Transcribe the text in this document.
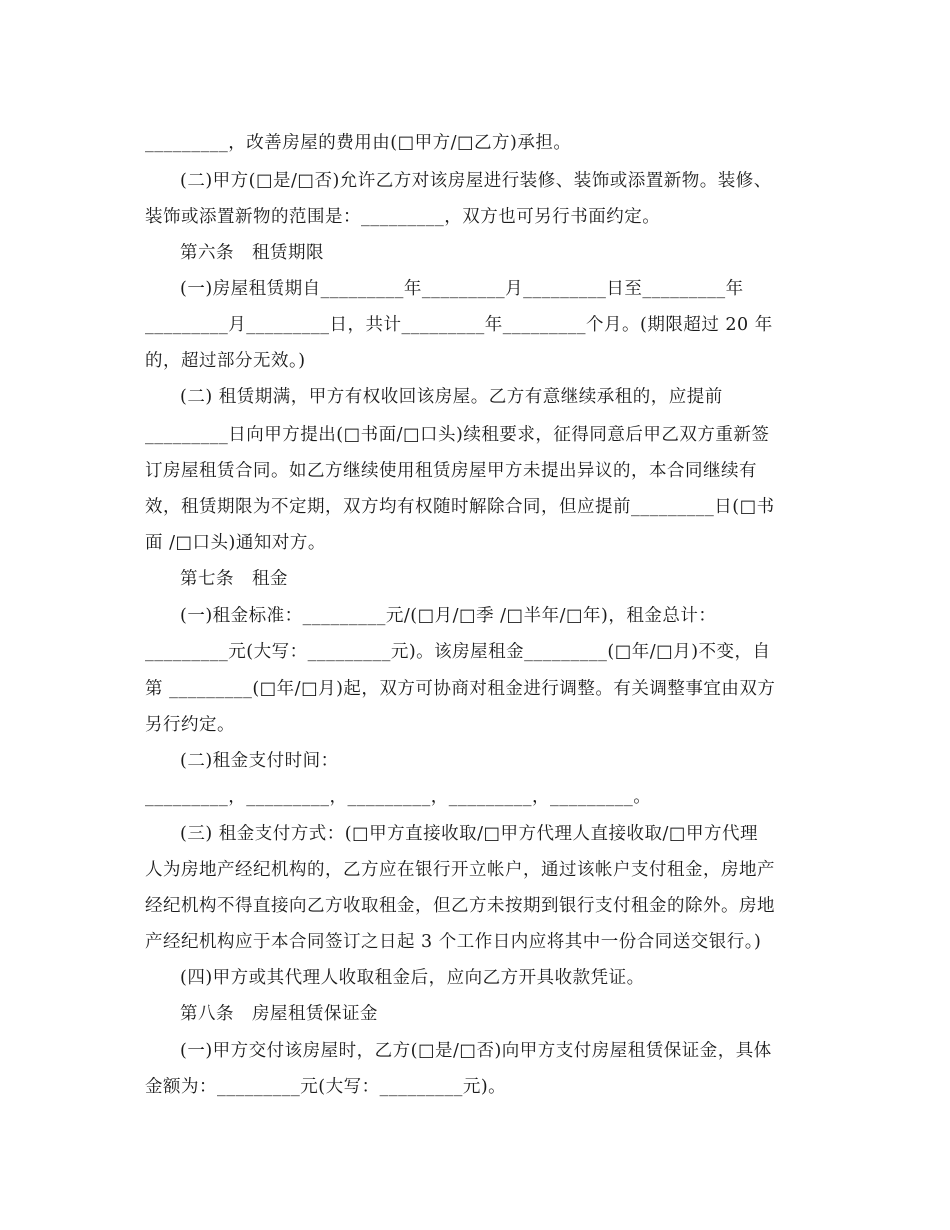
_________，改善房屋的费用由(□甲方/□乙方)承担。
(二)甲方(□是/□否)允许乙方对该房屋进行装修、装饰或添置新物。装修、
装饰或添置新物的范围是：_________，双方也可另行书面约定。
第六条　租赁期限
(一)房屋租赁期自_________年_________月_________日至_________年
_________月_________日，共计_________年_________个月。(期限超过 20 年
的，超过部分无效。)
(二) 租赁期满，甲方有权收回该房屋。乙方有意继续承租的，应提前
_________日向甲方提出(□书面/□口头)续租要求，征得同意后甲乙双方重新签
订房屋租赁合同。如乙方继续使用租赁房屋甲方未提出异议的，本合同继续有
效，租赁期限为不定期，双方均有权随时解除合同，但应提前_________日(□书
面 /□口头)通知对方。
第七条　租金
(一)租金标准：_________元/(□月/□季 /□半年/□年)，租金总计：
_________元(大写：_________元)。该房屋租金_________(□年/□月)不变，自
第 _________(□年/□月)起，双方可协商对租金进行调整。有关调整事宜由双方
另行约定。
(二)租金支付时间：
_________，_________，_________，_________，_________。
(三) 租金支付方式：(□甲方直接收取/□甲方代理人直接收取/□甲方代理
人为房地产经纪机构的，乙方应在银行开立帐户，通过该帐户支付租金，房地产
经纪机构不得直接向乙方收取租金，但乙方未按期到银行支付租金的除外。房地
产经纪机构应于本合同签订之日起 3 个工作日内应将其中一份合同送交银行。)
(四)甲方或其代理人收取租金后，应向乙方开具收款凭证。
第八条　房屋租赁保证金
(一)甲方交付该房屋时，乙方(□是/□否)向甲方支付房屋租赁保证金，具体
金额为：_________元(大写：_________元)。
